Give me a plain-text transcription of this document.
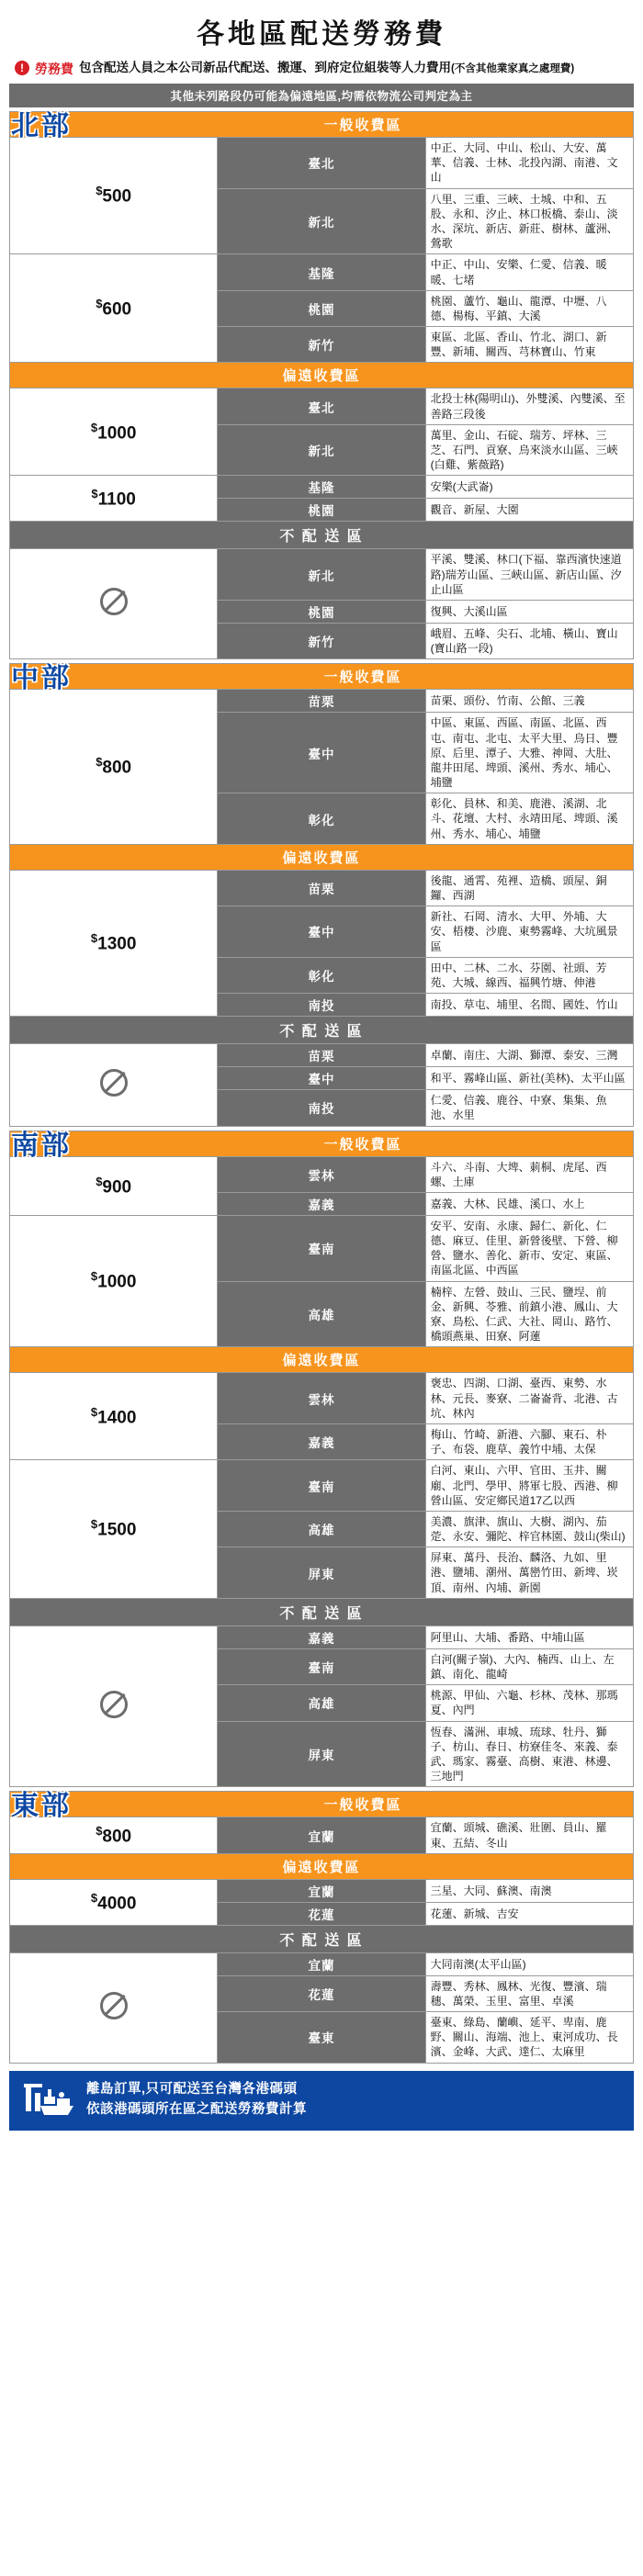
各地區配送勞務費
! 勞務費 包含配送人員之本公司新品代配送、搬運、到府定位組裝等人力費用(不含其他業家真之處理費)
其他未列路段仍可能為偏遠地區,均需依物流公司判定為主
北部	一般收費區		
$500	臺北	中正、大同、中山、松山、大安、萬華、信義、士林、北投內湖、南港、文山
	新北	八里、三重、三峽、土城、中和、五股、永和、汐止、林口板橋、泰山、淡水、深坑、新店、新莊、樹林、蘆洲、鶯歌
$600	基隆	中正、中山、安樂、仁愛、信義、暖暖、七堵
	桃園	桃園、蘆竹、龜山、龍潭、中壢、八德、楊梅、平鎮、大溪
	新竹	東區、北區、香山、竹北、湖口、新豐、新埔、關西、芎林寶山、竹東
偏遠收費區		
$1000	臺北	北投士林(陽明山)、外雙溪、內雙溪、至善路三段後
	新北	萬里、金山、石碇、瑞芳、坪林、三芝、石門、貢寮、烏來淡水山區、三峽(白雞、紫薇路)
$1100	基隆	安樂(大武崙)
	桃園	觀音、新屋、大園
不 配 送 區		
	新北	平溪、雙溪、林口(下福、靠西濱快速道路)瑞芳山區、三峽山區、新店山區、汐止山區
	桃園	復興、大溪山區
	新竹	峨眉、五峰、尖石、北埔、橫山、寶山(寶山路一段)
中部	一般收費區		
$800	苗栗	苗栗、頭份、竹南、公館、三義
	臺中	中區、東區、西區、南區、北區、西屯、南屯、北屯、太平大里、烏日、豐原、后里、潭子、大雅、神岡、大肚、龍井田尾、埤頭、溪州、秀水、埔心、埔鹽
	彰化	彰化、員林、和美、鹿港、溪湖、北斗、花壇、大村、永靖田尾、埤頭、溪州、秀水、埔心、埔鹽
偏遠收費區		
$1300	苗栗	後龍、通霄、苑裡、造橋、頭屋、銅鑼、西湖
	臺中	新社、石岡、清水、大甲、外埔、大安、梧棲、沙鹿、東勢霧峰、大坑風景區
	彰化	田中、二林、二水、芬園、社頭、芳苑、大城、線西、福興竹塘、伸港
	南投	南投、草屯、埔里、名間、國姓、竹山
不 配 送 區		
	苗栗	卓蘭、南庄、大湖、獅潭、泰安、三灣
	臺中	和平、霧峰山區、新社(美林)、太平山區
	南投	仁愛、信義、鹿谷、中寮、集集、魚池、水里
南部	一般收費區		
$900	雲林	斗六、斗南、大埤、莿桐、虎尾、西螺、土庫
	嘉義	嘉義、大林、民雄、溪口、水上
$1000	臺南	安平、安南、永康、歸仁、新化、仁德、麻豆、佳里、新營後壁、下營、柳營、鹽水、善化、新市、安定、東區、南區北區、中西區
	高雄	楠梓、左營、鼓山、三民、鹽埕、前金、新興、苓雅、前鎮小港、鳳山、大寮、鳥松、仁武、大社、岡山、路竹、橋頭燕巢、田寮、阿蓮
偏遠收費區		
$1400	雲林	褒忠、四湖、口湖、臺西、東勢、水林、元長、麥寮、二崙崙背、北港、古坑、林內
	嘉義	梅山、竹崎、新港、六腳、東石、朴子、布袋、鹿草、義竹中埔、太保
$1500	臺南	白河、東山、六甲、官田、玉井、關廟、北門、學甲、將軍七股、西港、柳營山區、安定鄉民道17乙以西
	高雄	美濃、旗津、旗山、大樹、湖內、茄萣、永安、彌陀、梓官林園、鼓山(柴山)
	屏東	屏東、萬丹、長治、麟洛、九如、里港、鹽埔、潮州、萬巒竹田、新埤、崁頂、南州、內埔、新園
不 配 送 區		
	嘉義	阿里山、大埔、番路、中埔山區
	臺南	白河(關子嶺)、大內、楠西、山上、左鎮、南化、龍崎
	高雄	桃源、甲仙、六龜、杉林、茂林、那瑪夏、內門
	屏東	恆春、滿洲、車城、琉球、牡丹、獅子、枋山、春日、枋寮佳冬、來義、泰武、瑪家、霧臺、高樹、東港、林邊、三地門
東部	一般收費區		
$800	宜蘭	宜蘭、頭城、礁溪、壯圍、員山、羅東、五結、冬山
偏遠收費區		
$4000	宜蘭	三星、大同、蘇澳、南澳
	花蓮	花蓮、新城、吉安
不 配 送 區		
	宜蘭	大同南澳(太平山區)
	花蓮	壽豐、秀林、鳳林、光復、豐濱、瑞穗、萬榮、玉里、富里、卓溪
	臺東	臺東、綠島、蘭嶼、延平、卑南、鹿野、關山、海端、池上、東河成功、長濱、金峰、大武、達仁、太麻里
離島訂單,只可配送至台灣各港碼頭
依該港碼頭所在區之配送勞務費計算
